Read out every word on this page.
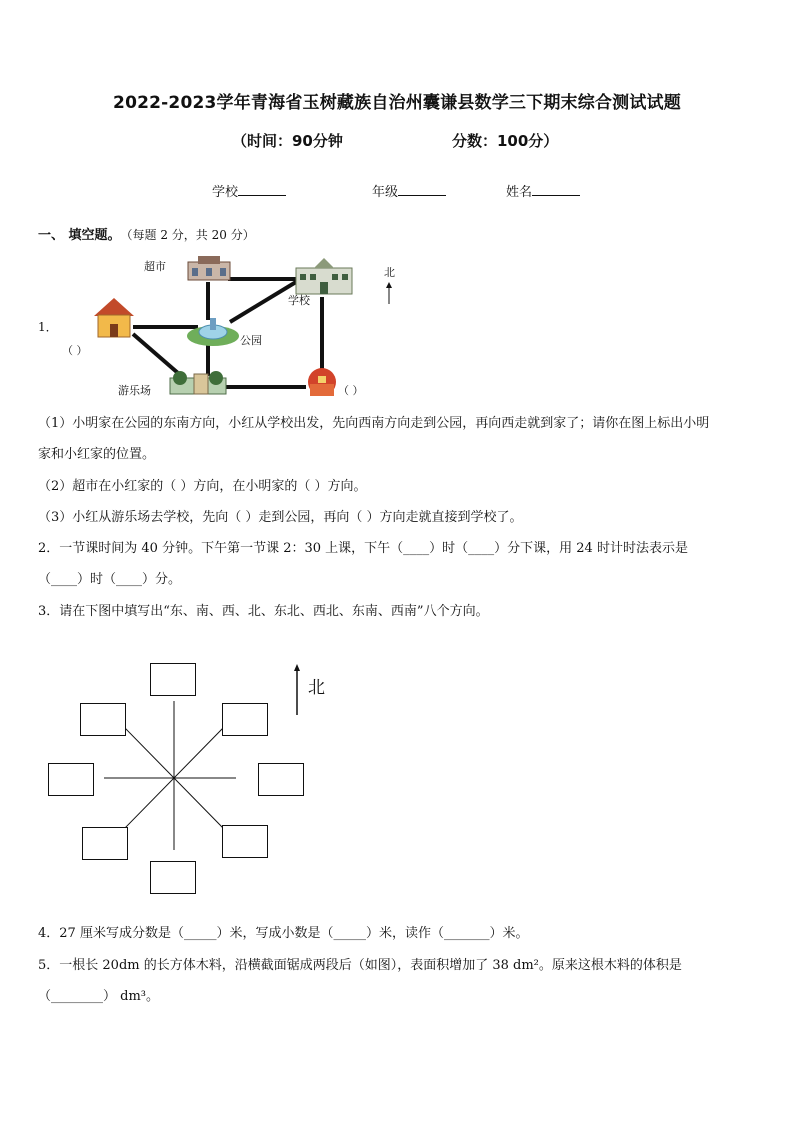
2022-2023学年青海省玉树藏族自治州囊谦县数学三下期末综合测试试题
（时间：90分钟	分数：100分）
学校	年级	姓名
一、 填空题。 （每题 2 分，共 20 分）
1．
超市
学校
公园
游乐场
北
（ ）
（ ）
（1）小明家在公园的东南方向，小红从学校出发，先向西南方向走到公园，再向西走就到家了；请你在图上标出小明
家和小红家的位置。
（2）超市在小红家的（ ）方向，在小明家的（ ）方向。
（3）小红从游乐场去学校，先向（ ）走到公园，再向（ ）方向走就直接到学校了。
2．一节课时间为 40 分钟。下午第一节课 2：30 上课，下午（____）时（____）分下课，用 24 时计时法表示是
（____）时（____）分。
3．请在下图中填写出“东、南、西、北、东北、西北、东南、西南”八个方向。
北
4．27 厘米写成分数是（_____）米，写成小数是（_____）米，读作（_______）米。
5．一根长 20dm 的长方体木料，沿横截面锯成两段后（如图），表面积增加了 38 dm²。原来这根木料的体积是
（________） dm³。
